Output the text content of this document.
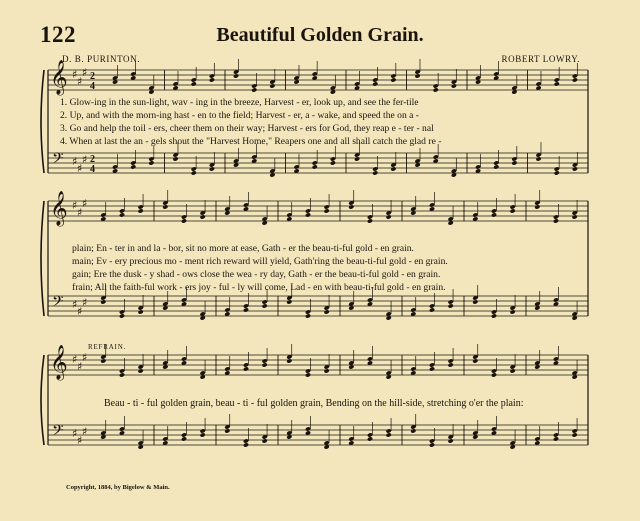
122	Beautiful Golden Grain.
D. B. PURINTON.	ROBERT LOWRY.
𝄞
𝄢
♯
♯
♯
♯
♯
♯
2
4
2
4
𝄞
𝄢
♯
♯
♯
♯
♯
♯
𝄞
𝄢
♯
♯
♯
♯
♯
♯
1. Glow-ing in the sun-light, wav - ing in the breeze, Harvest - er, look up, and see the fer-tile
2. Up, and with the morn-ing hast - en to the field; Harvest - er, a - wake, and speed the on a -
3. Go and help the toil - ers, cheer them on their way; Harvest - ers for God, they reap e - ter - nal
4. When at last the an - gels shout the "Harvest Home," Reapers one and all shall catch the glad re -
plain; En - ter in and la - bor, sit no more at ease, Gath - er the beau-ti-ful gold - en grain.
main; Ev - ery precious mo - ment rich reward will yield, Gath'ring the beau-ti-ful gold - en grain.
gain; Ere the dusk - y shad - ows close the wea - ry day, Gath - er the beau-ti-ful gold - en grain.
frain; All the faith-ful work - ers joy - ful - ly will come, Lad - en with beau-ti-ful gold - en grain.
REFRAIN.
Beau - ti - ful golden grain, beau - ti - ful golden grain, Bending on the hill-side, stretching o'er the plain:
Copyright, 1884, by Bigelow & Main.
